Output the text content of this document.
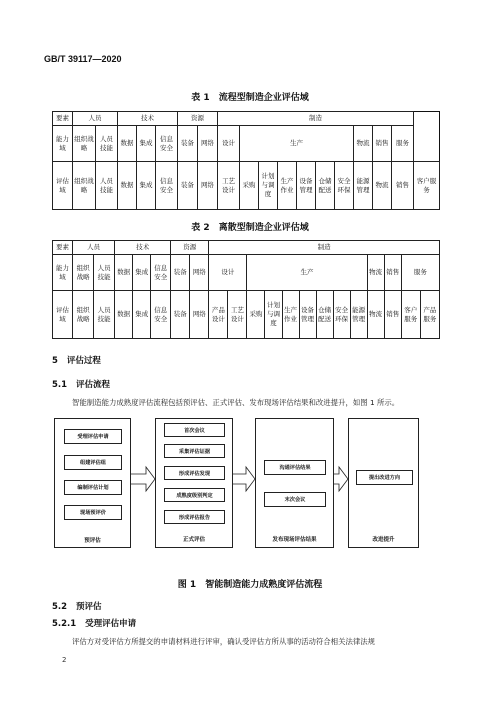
GB/T 39117—2020
表 1　流程型制造企业评估域
要素	人员		技术			资源		制造										
能力域	组织战略	人员技能	数据	集成	信息安全	装备	网络	设计	生产						物流	销售	服务	
评估域	组织战略	人员技能	数据	集成	信息安全	装备	网络	工艺设计	采购	计划与调度	生产作业	设备管理	仓储配送	安全环保	能源管理	物流	销售	客户服务
表 2　离散型制造企业评估域
要素	人员		技术			资源		制造												
能力域	组织战略	人员技能	数据	集成	信息安全	装备	网络	设计		生产							物流	销售	服务	
评估域	组织战略	人员技能	数据	集成	信息安全	装备	网络	产品设计	工艺设计	采购	计划与调度	生产作业	设备管理	仓储配送	安全环保	能源管理	物流	销售	客户服务	产品服务
5 评估过程
5.1 评估流程
智能制造能力成熟度评估流程包括预评估、正式评估、发布现场评估结果和改进提升，如图 1 所示。
受理评估申请
组建评估组
编制评估计划
现场预评价
预评估
首次会议
采集评估证据
形成评估发现
成熟度级别判定
形成评估报告
正式评估
沟通评估结果
末次会议
发布现场评估结果
提出改进方向
改进提升
图 1　智能制造能力成熟度评估流程
5.2 预评估
5.2.1 受理评估申请
评估方对受评估方所提交的申请材料进行评审，确认受评估方所从事的活动符合相关法律法规
2
